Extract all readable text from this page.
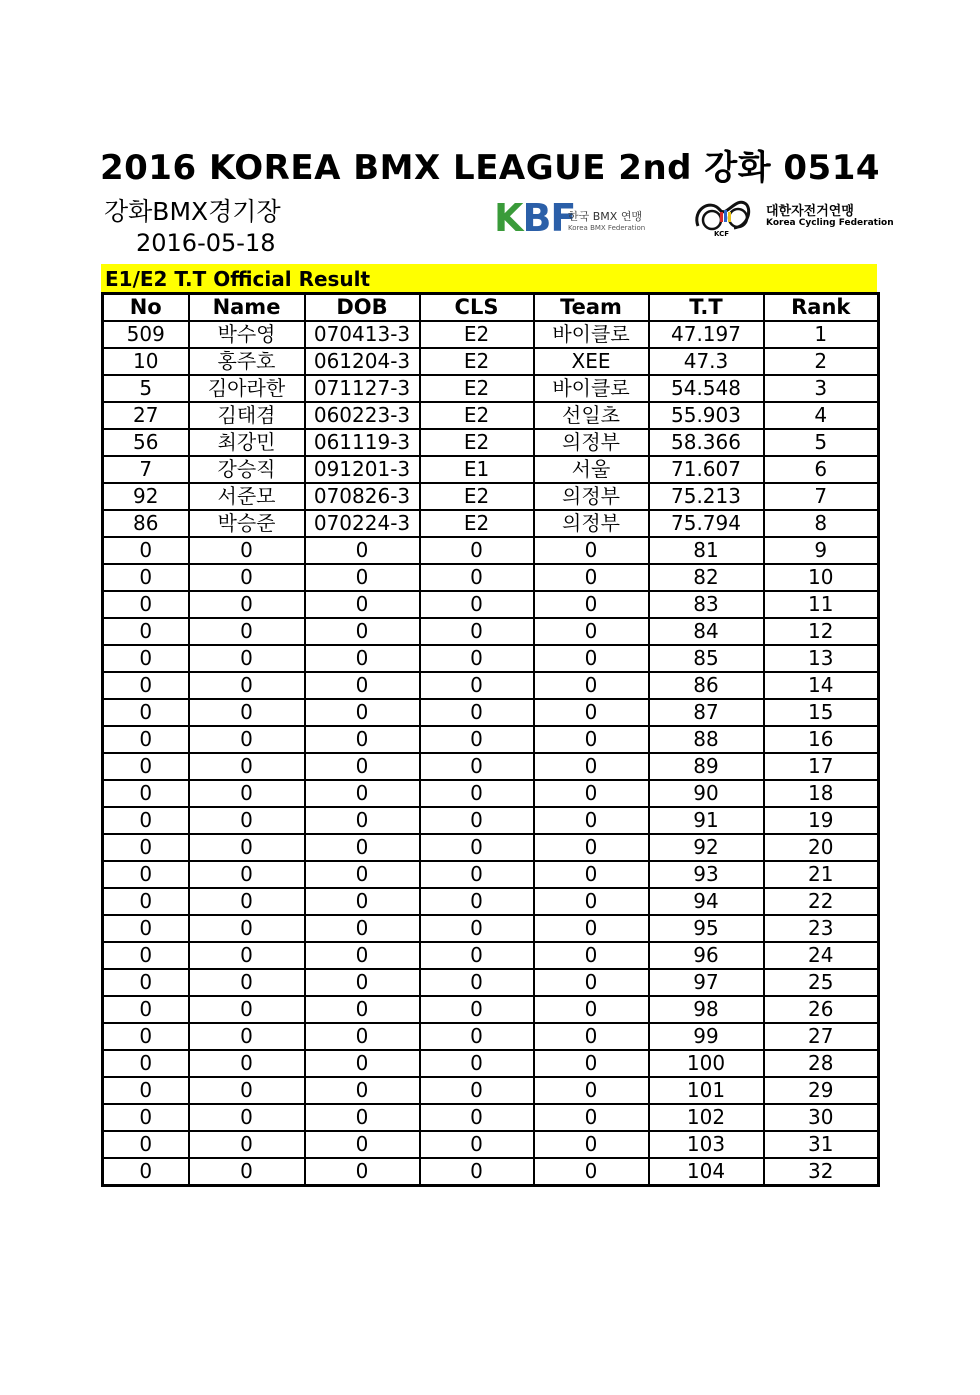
2016 KOREA BMX LEAGUE 2nd 강화 0514
강화BMX경기장
2016-05-18
KBF
한국 BMX 연맹
Korea BMX Federation
KCF
대한자전거연맹
Korea Cycling Federation
E1/E2 T.T Official Result
No	Name	DOB	CLS	Team	T.T	Rank
509	박수영	070413-3	E2	바이클로	47.197	1
10	홍주호	061204-3	E2	XEE	47.3	2
5	김아라한	071127-3	E2	바이클로	54.548	3
27	김태겸	060223-3	E2	선일초	55.903	4
56	최강민	061119-3	E2	의정부	58.366	5
7	강승직	091201-3	E1	서울	71.607	6
92	서준모	070826-3	E2	의정부	75.213	7
86	박승준	070224-3	E2	의정부	75.794	8
0	0	0	0	0	81	9
0	0	0	0	0	82	10
0	0	0	0	0	83	11
0	0	0	0	0	84	12
0	0	0	0	0	85	13
0	0	0	0	0	86	14
0	0	0	0	0	87	15
0	0	0	0	0	88	16
0	0	0	0	0	89	17
0	0	0	0	0	90	18
0	0	0	0	0	91	19
0	0	0	0	0	92	20
0	0	0	0	0	93	21
0	0	0	0	0	94	22
0	0	0	0	0	95	23
0	0	0	0	0	96	24
0	0	0	0	0	97	25
0	0	0	0	0	98	26
0	0	0	0	0	99	27
0	0	0	0	0	100	28
0	0	0	0	0	101	29
0	0	0	0	0	102	30
0	0	0	0	0	103	31
0	0	0	0	0	104	32
